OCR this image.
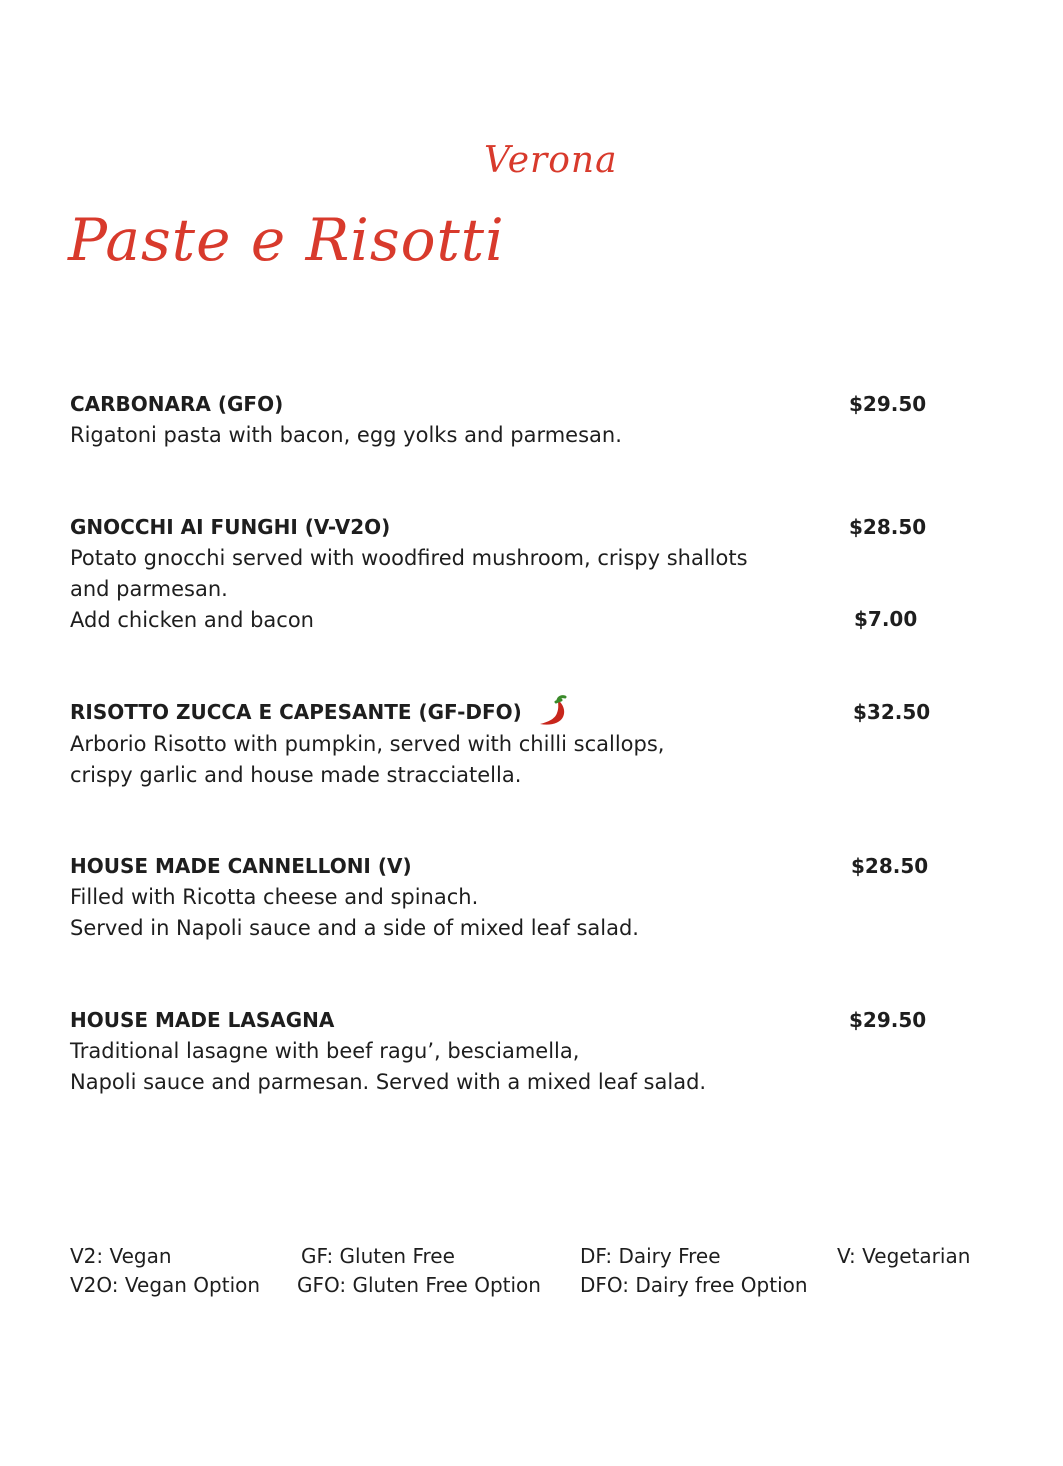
Verona
Paste e Risotti
CARBONARA (GFO)
Rigatoni pasta with bacon, egg yolks and parmesan.
$29.50
GNOCCHI AI FUNGHI (V-V2O)
Potato gnocchi served with woodfired mushroom, crispy shallots
and parmesan.
Add chicken and bacon
$28.50
$7.00
RISOTTO ZUCCA E CAPESANTE (GF-DFO)
Arborio Risotto with pumpkin, served with chilli scallops,
crispy garlic and house made stracciatella.
$32.50
HOUSE MADE CANNELLONI (V)
Filled with Ricotta cheese and spinach.
Served in Napoli sauce and a side of mixed leaf salad.
$28.50
HOUSE MADE LASAGNA
Traditional lasagne with beef ragu’, besciamella,
Napoli sauce and parmesan. Served with a mixed leaf salad.
$29.50
V2: Vegan
V2O: Vegan Option
GF: Gluten Free
GFO: Gluten Free Option
DF: Dairy Free
DFO: Dairy free Option
V: Vegetarian
